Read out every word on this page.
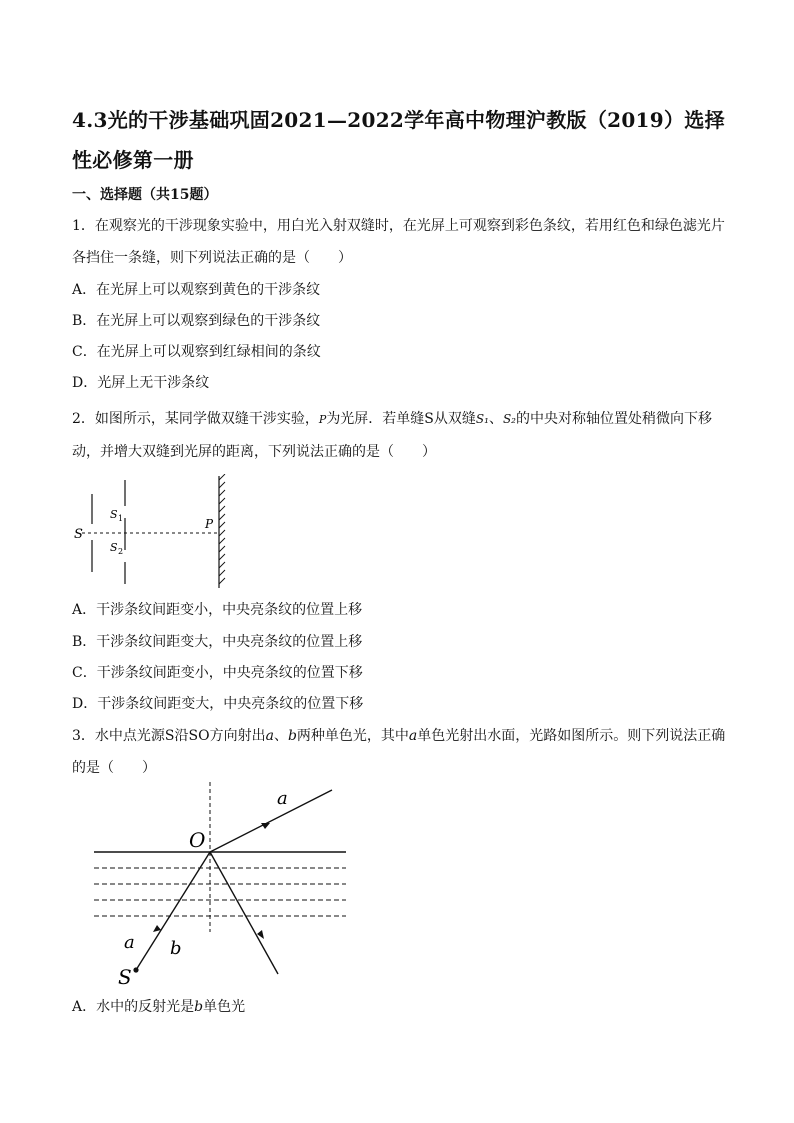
4.3光的干涉基础巩固2021—2022学年高中物理沪教版（2019）选择性必修第一册
一、选择题（共15题）
1．在观察光的干涉现象实验中，用白光入射双缝时，在光屏上可观察到彩色条纹，若用红色和绿色滤光片各挡住一条缝，则下列说法正确的是（　　）
A．在光屏上可以观察到黄色的干涉条纹
B．在光屏上可以观察到绿色的干涉条纹
C．在光屏上可以观察到红绿相间的条纹
D．光屏上无干涉条纹
2．如图所示，某同学做双缝干涉实验，P为光屏．若单缝S从双缝S₁、S₂的中央对称轴位置处稍微向下移动，并增大双缝到光屏的距离，下列说法正确的是（　　）
S
S 1
S 2
P
A．干涉条纹间距变小，中央亮条纹的位置上移
B．干涉条纹间距变大，中央亮条纹的位置上移
C．干涉条纹间距变小，中央亮条纹的位置下移
D．干涉条纹间距变大，中央亮条纹的位置下移
3．水中点光源S沿SO方向射出a、b两种单色光，其中a单色光射出水面，光路如图所示。则下列说法正确的是（　　）
O
a
a b
S
A．水中的反射光是b单色光
